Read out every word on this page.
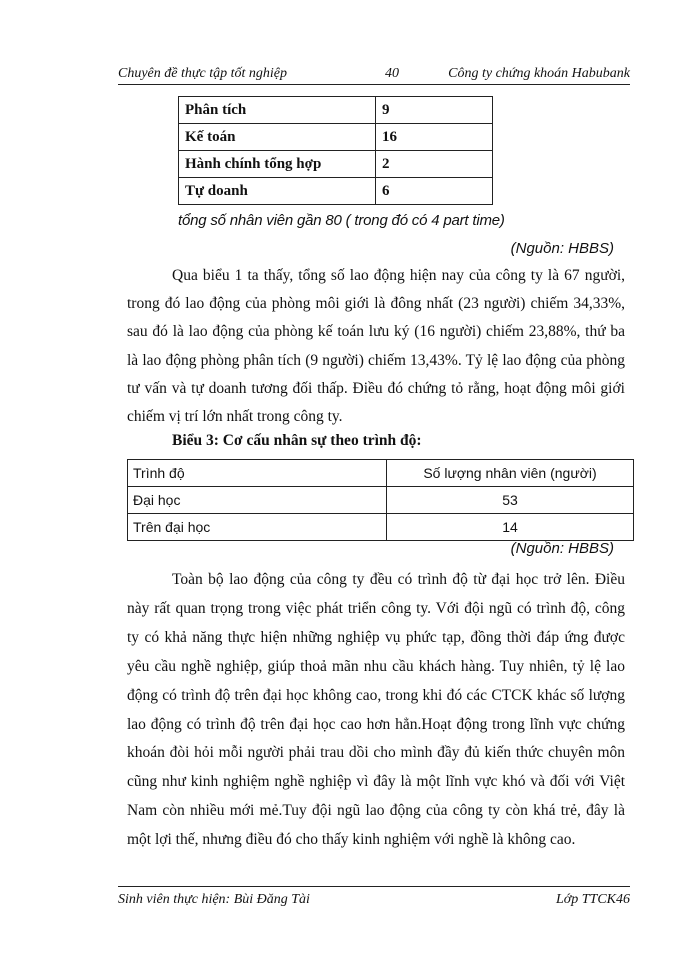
Chuyên đề thực tập tốt nghiệp	40	Công ty chứng khoán Habubank
Phân tích	9
Kế toán	16
Hành chính tổng hợp	2
Tự doanh	6
tổng số nhân viên gần 80 ( trong đó có 4 part time)
(Nguồn: HBBS)

Qua biểu 1 ta thấy, tổng số lao động hiện nay của công ty là 67 người, trong đó lao động của phòng môi giới là đông nhất (23 người) chiếm 34,33%, sau đó là lao động của phòng kế toán lưu ký (16 người) chiếm 23,88%, thứ ba là lao động phòng phân tích (9 người) chiếm 13,43%. Tỷ lệ lao động của phòng tư vấn và tự doanh tương đối thấp. Điều đó chứng tỏ rằng, hoạt động môi giới chiếm vị trí lớn nhất trong công ty.

Biểu 3: Cơ cấu nhân sự theo trình độ:
Trình độ	Số lượng nhân viên (người)
Đại học	53
Trên đại học	14
(Nguồn: HBBS)

Toàn bộ lao động của công ty đều có trình độ từ đại học trở lên. Điều này rất quan trọng trong việc phát triển công ty. Với đội ngũ có trình độ, công ty có khả năng thực hiện những nghiệp vụ phức tạp, đồng thời đáp ứng được yêu cầu nghề nghiệp, giúp thoả mãn nhu cầu khách hàng. Tuy nhiên, tỷ lệ lao động có trình độ trên đại học không cao, trong khi đó các CTCK khác số lượng lao động có trình độ trên đại học cao hơn hẳn.Hoạt động trong lĩnh vực chứng khoán đòi hỏi mỗi người phải trau dồi cho mình đầy đủ kiến thức chuyên môn cũng như kinh nghiệm nghề nghiệp vì đây là một lĩnh vực khó và đối với Việt Nam còn nhiều mới mẻ.Tuy đội ngũ lao động của công ty còn khá trẻ, đây là một lợi thế, nhưng điều đó cho thấy kinh nghiệm với nghề là không cao.

Sinh viên thực hiện: Bùi Đăng Tài	Lớp TTCK46
